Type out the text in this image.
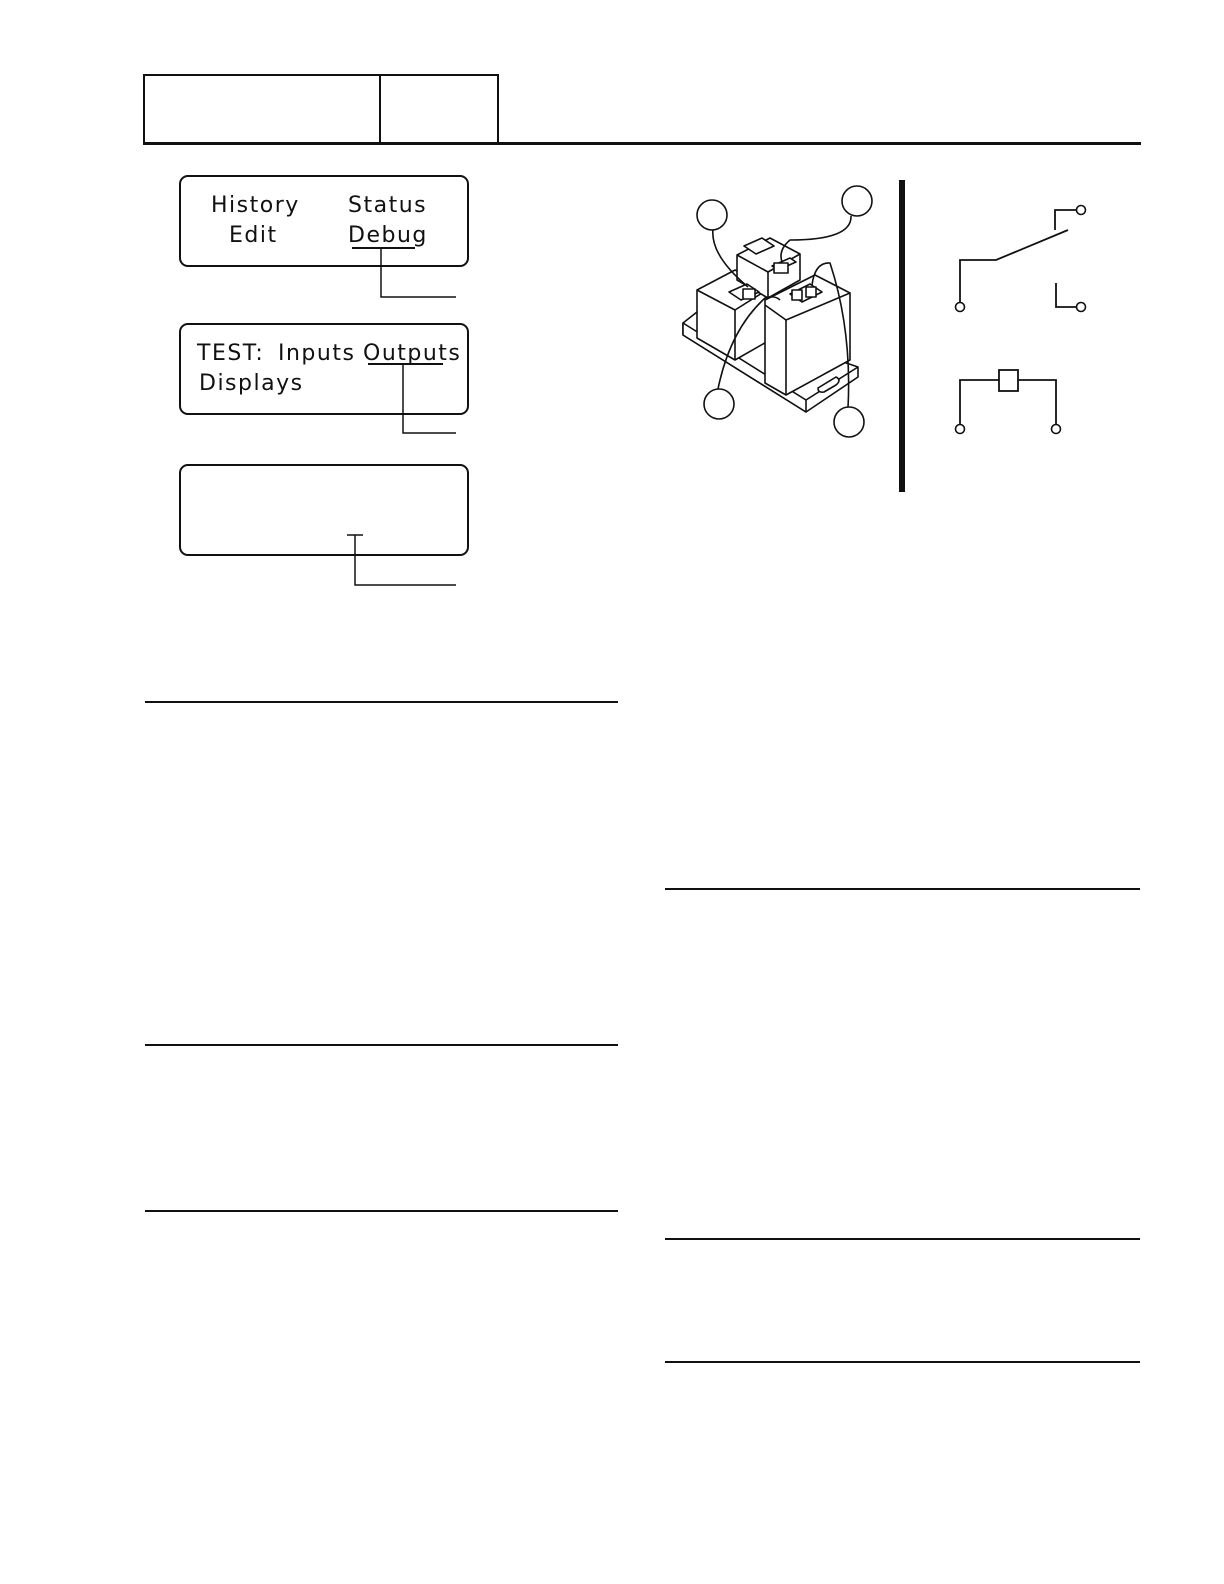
History Status
Edit	Debug
TEST: Inputs Outputs
Displays
